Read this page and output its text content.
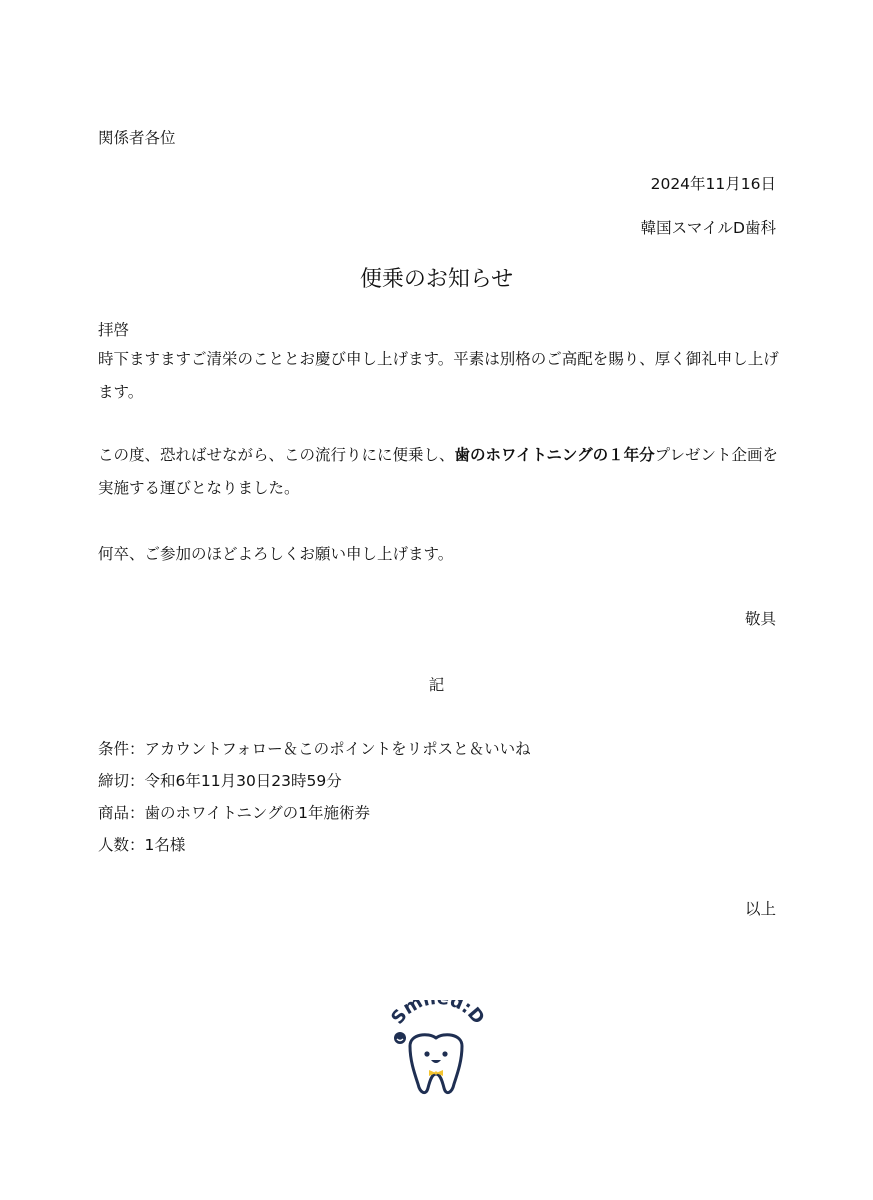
関係者各位
2024年11月16日
韓国スマイルD歯科
便乗のお知らせ
拝啓
時下ますますご清栄のこととお慶び申し上げます。平素は別格のご高配を賜り、厚く御礼申し上げます。
この度、恐ればせながら、この流行りにに便乗し、歯のホワイトニングの１年分プレゼント企画を実施する運びとなりました。
何卒、ご参加のほどよろしくお願い申し上げます。
敬具
記
条件：アカウントフォロー＆このポイントをリポスと＆いいね
締切：令和6年11月30日23時59分
商品：歯のホワイトニングの1年施術券
人数：1名様
以上
Sm d:D
